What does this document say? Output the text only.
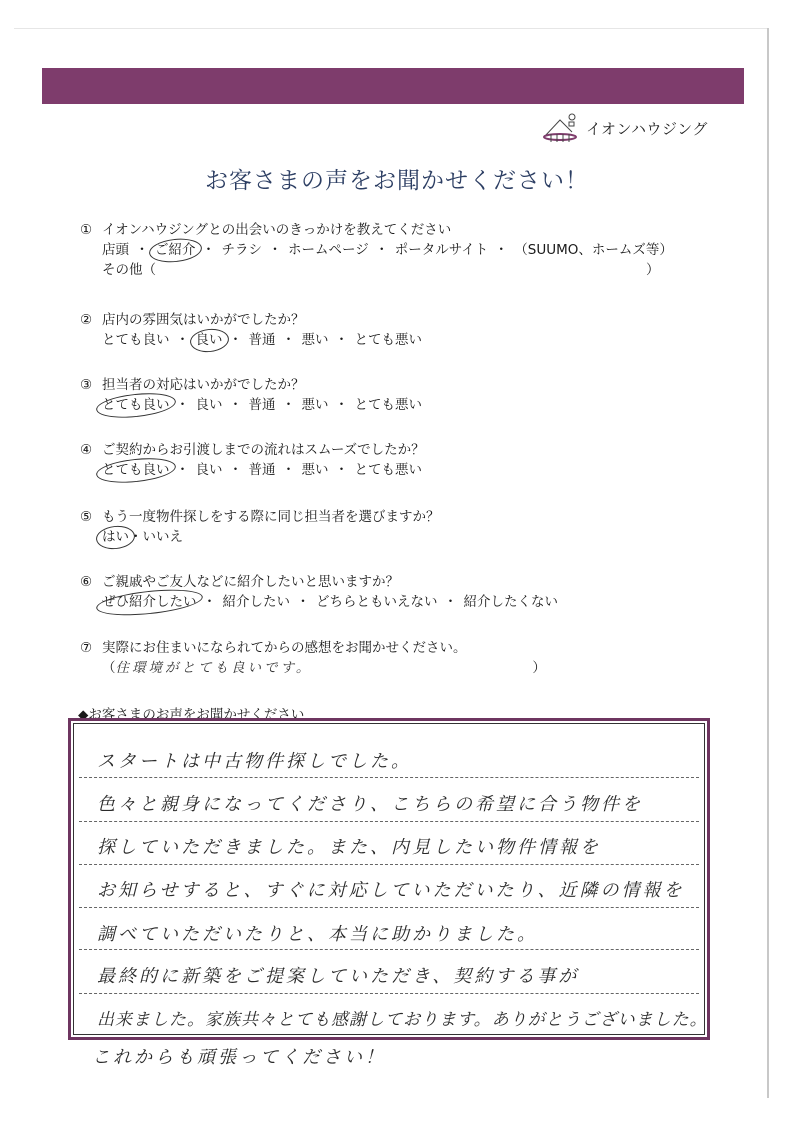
イオンハウジング
お客さまの声をお聞かせください！
① イオンハウジングとの出会いのきっかけを教えてください
店頭 ・ ご紹介 ・ チラシ ・ ホームページ ・ ポータルサイト ・ （SUUMO、ホームズ等）
その他（	）
② 店内の雰囲気はいかがでしたか？
とても良い ・ 良い ・ 普通 ・ 悪い ・ とても悪い
③ 担当者の対応はいかがでしたか？
とても良い ・ 良い ・ 普通 ・ 悪い ・ とても悪い
④ ご契約からお引渡しまでの流れはスムーズでしたか？
とても良い ・ 良い ・ 普通 ・ 悪い ・ とても悪い
⑤ もう一度物件探しをする際に同じ担当者を選びますか？
はい・いいえ
⑥ ご親戚やご友人などに紹介したいと思いますか？
ぜひ紹介したい ・ 紹介したい ・ どちらともいえない ・ 紹介したくない
⑦ 実際にお住まいになられてからの感想をお聞かせください。
（住環境がとても良いです。	）
◆お客さまのお声をお聞かせください
スタートは中古物件探しでした。
色々と親身になってくださり、こちらの希望に合う物件を
探していただきました。また、内見したい物件情報を
お知らせすると、すぐに対応していただいたり、近隣の情報を
調べていただいたりと、本当に助かりました。
最終的に新築をご提案していただき、契約する事が
出来ました。家族共々とても感謝しております。ありがとうございました。
これからも頑張ってください！
